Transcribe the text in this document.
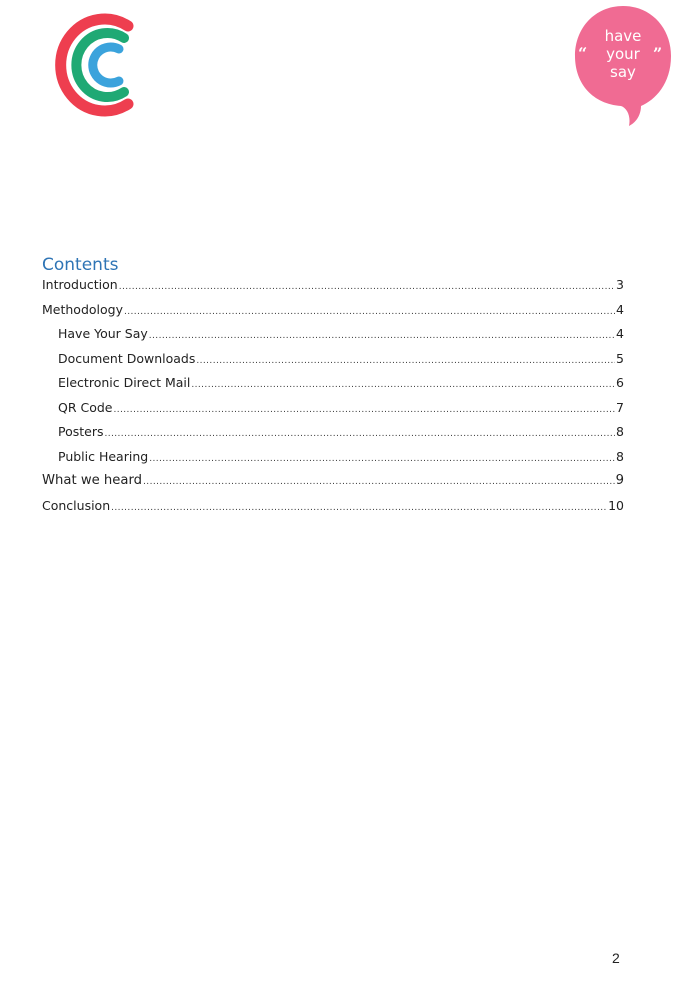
“	”
have
your
say
Contents
Introduction .....	3
Methodology .....	4
Have Your Say .....	4
Document Downloads .....	5
Electronic Direct Mail .....	6
QR Code .....	7
Posters .....	8
Public Hearing .....	8
What we heard .....	9
Conclusion .....	10
2
